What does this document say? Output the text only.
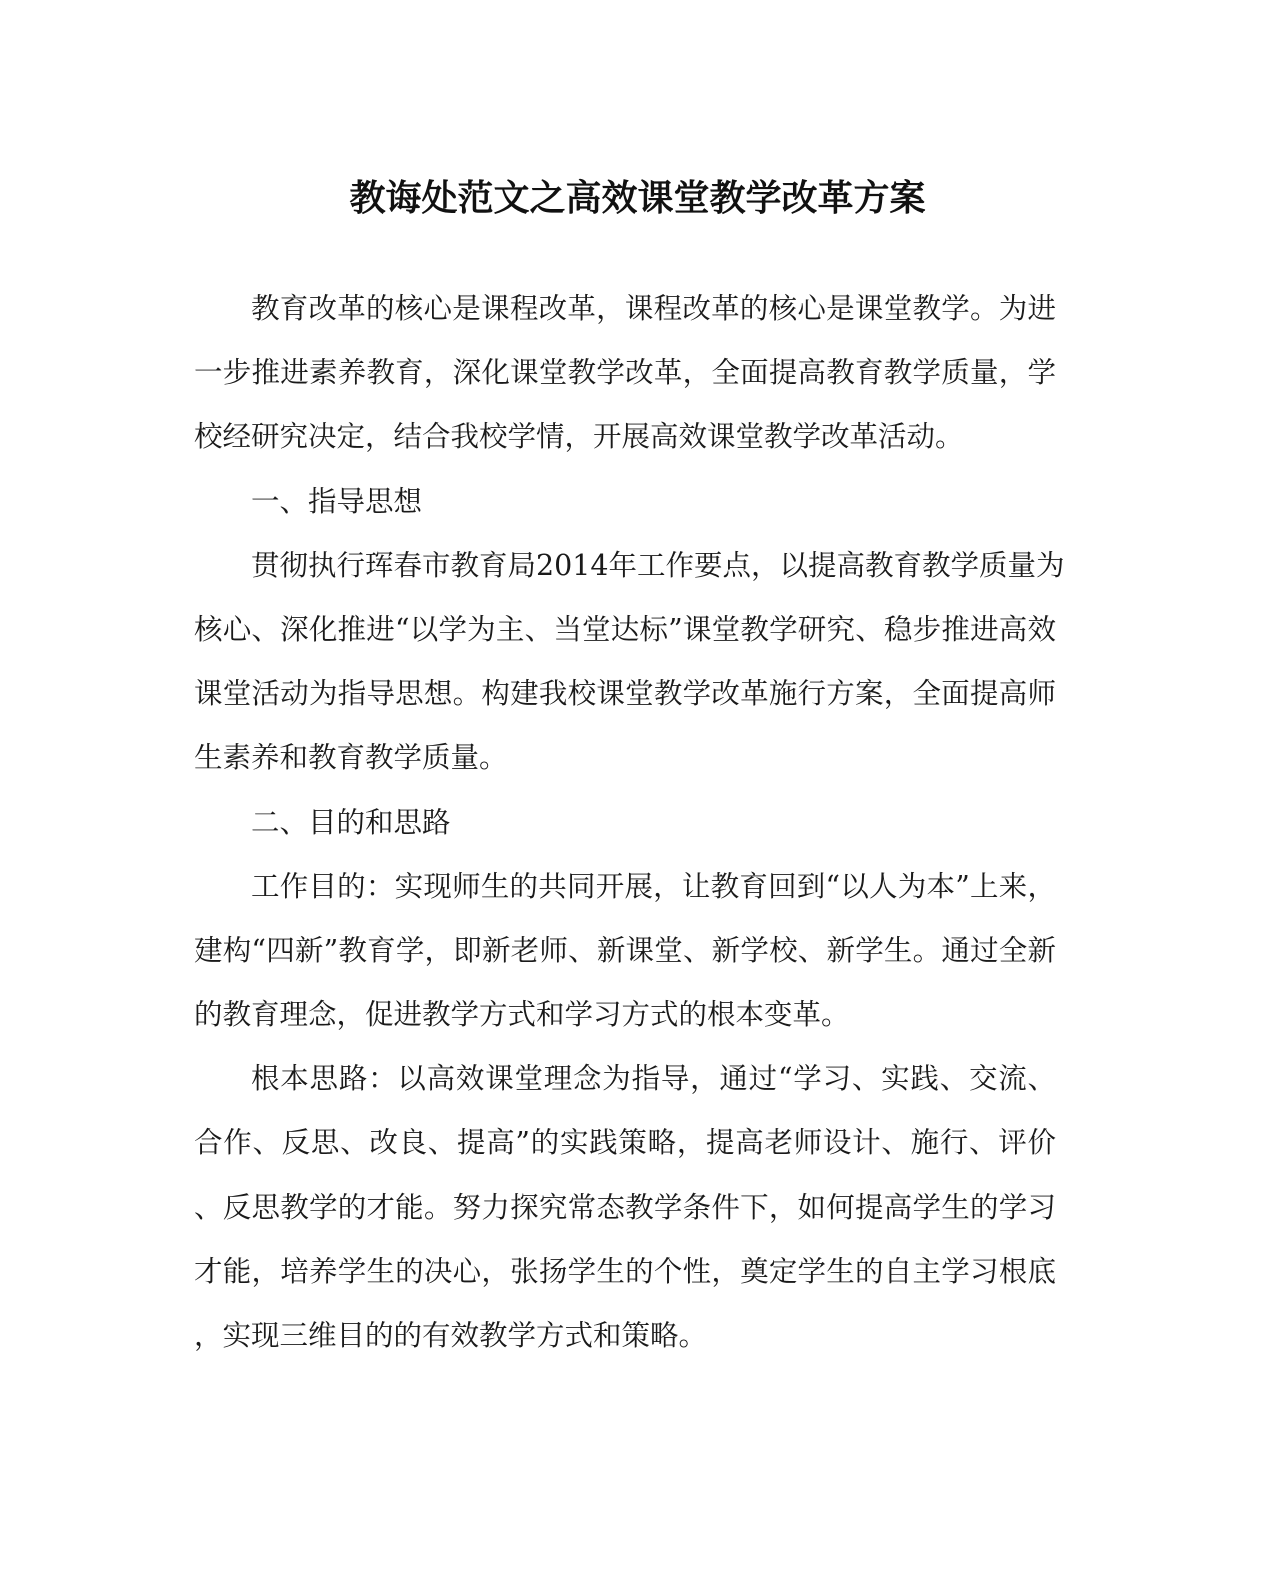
教诲处范文之高效课堂教学改革方案
教育改革的核心是课程改革，课程改革的核心是课堂教学。为进
一步推进素养教育，深化课堂教学改革，全面提高教育教学质量，学
校经研究决定，结合我校学情，开展高效课堂教学改革活动。
一、指导思想
贯彻执行珲春市教育局2014年工作要点，以提高教育教学质量为
核心、深化推进“以学为主、当堂达标”课堂教学研究、稳步推进高效
课堂活动为指导思想。构建我校课堂教学改革施行方案，全面提高师
生素养和教育教学质量。
二、目的和思路
工作目的：实现师生的共同开展，让教育回到“以人为本”上来，
建构“四新”教育学，即新老师、新课堂、新学校、新学生。通过全新
的教育理念，促进教学方式和学习方式的根本变革。
根本思路：以高效课堂理念为指导，通过“学习、实践、交流、
合作、反思、改良、提高”的实践策略，提高老师设计、施行、评价
、反思教学的才能。努力探究常态教学条件下，如何提高学生的学习
才能，培养学生的决心，张扬学生的个性，奠定学生的自主学习根底
，实现三维目的的有效教学方式和策略。
